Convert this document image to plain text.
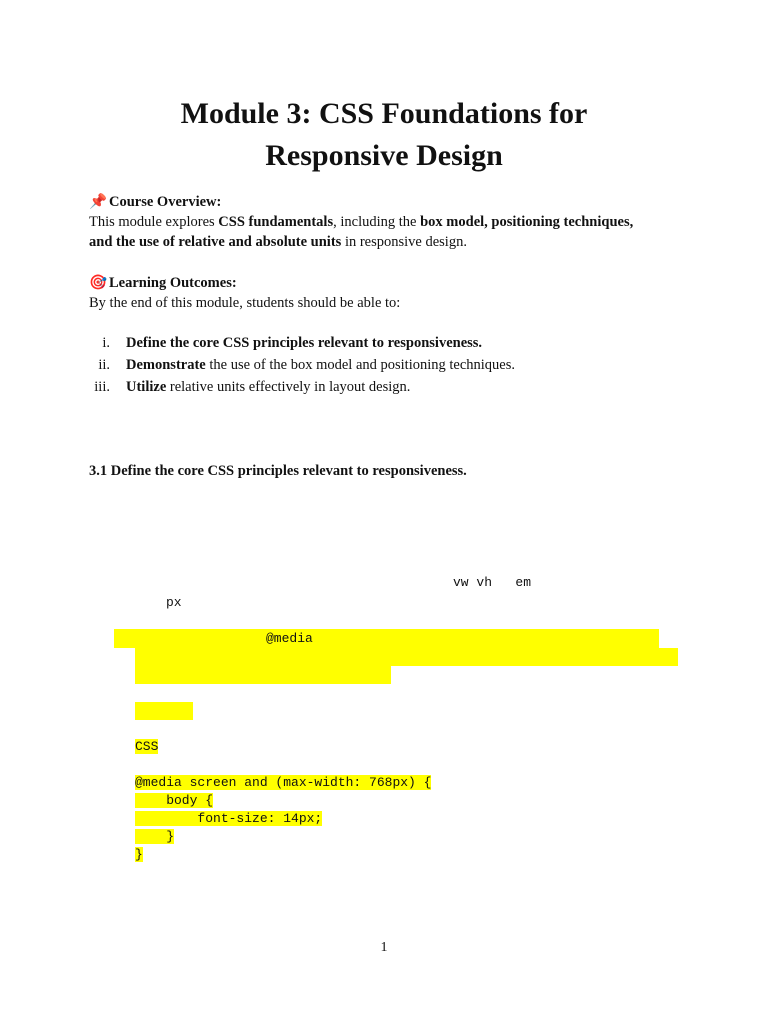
Module 3: CSS Foundations for
Responsive Design
📌 Course Overview:
This module explores CSS fundamentals, including the box model, positioning techniques, and the use of relative and absolute units in responsive design.
🎯 Learning Outcomes:
By the end of this module, students should be able to:
i. Define the core CSS principles relevant to responsiveness.
ii. Demonstrate the use of the box model and positioning techniques.
iii. Utilize relative units effectively in layout design.
3.1 Define the core CSS principles relevant to responsiveness.
vw vh   em
px
@media
CSS
@media screen and (max-width: 768px) {
body {
font-size: 14px;
}
}
1
